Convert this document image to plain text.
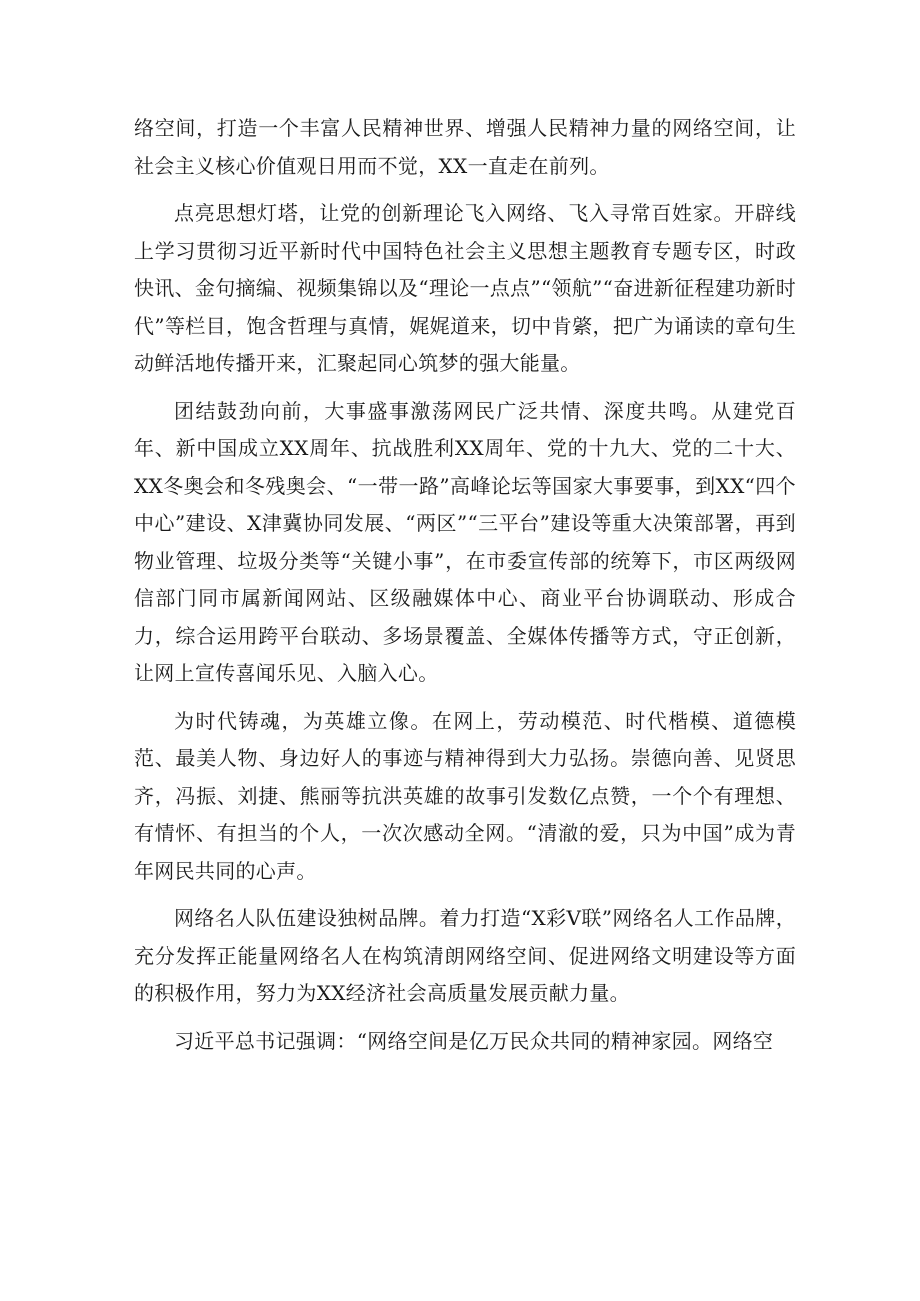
络空间，打造一个丰富人民精神世界、增强人民精神力量的网络空间，让社会主义核心价值观日用而不觉，XX一直走在前列。

点亮思想灯塔，让党的创新理论飞入网络、飞入寻常百姓家。开辟线上学习贯彻习近平新时代中国特色社会主义思想主题教育专题专区，时政快讯、金句摘编、视频集锦以及“理论一点点”“领航”“奋进新征程建功新时代”等栏目，饱含哲理与真情，娓娓道来，切中肯綮，把广为诵读的章句生动鲜活地传播开来，汇聚起同心筑梦的强大能量。

团结鼓劲向前，大事盛事激荡网民广泛共情、深度共鸣。从建党百年、新中国成立XX周年、抗战胜利XX周年、党的十九大、党的二十大、XX冬奥会和冬残奥会、“一带一路”高峰论坛等国家大事要事，到XX“四个中心”建设、X津冀协同发展、“两区”“三平台”建设等重大决策部署，再到物业管理、垃圾分类等“关键小事”，在市委宣传部的统筹下，市区两级网信部门同市属新闻网站、区级融媒体中心、商业平台协调联动、形成合力，综合运用跨平台联动、多场景覆盖、全媒体传播等方式，守正创新，让网上宣传喜闻乐见、入脑入心。

为时代铸魂，为英雄立像。在网上，劳动模范、时代楷模、道德模范、最美人物、身边好人的事迹与精神得到大力弘扬。崇德向善、见贤思齐，冯振、刘捷、熊丽等抗洪英雄的故事引发数亿点赞，一个个有理想、有情怀、有担当的个人，一次次感动全网。“清澈的爱，只为中国”成为青年网民共同的心声。

网络名人队伍建设独树品牌。着力打造“X彩V联”网络名人工作品牌，充分发挥正能量网络名人在构筑清朗网络空间、促进网络文明建设等方面的积极作用，努力为XX经济社会高质量发展贡献力量。

习近平总书记强调：“网络空间是亿万民众共同的精神家园。网络空
